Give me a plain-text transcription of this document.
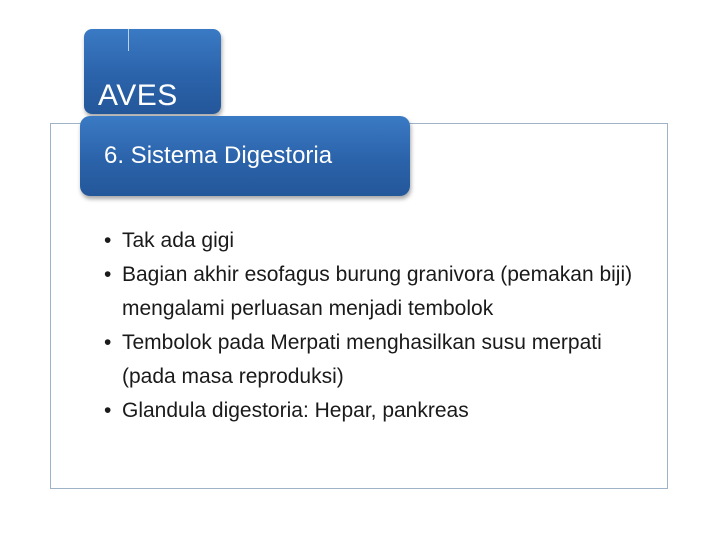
AVES
6. Sistema Digestoria
• Tak ada gigi
• Bagian akhir esofagus burung granivora (pemakan biji) mengalami perluasan menjadi tembolok
• Tembolok pada Merpati menghasilkan susu merpati (pada masa reproduksi)
• Glandula digestoria: Hepar, pankreas
